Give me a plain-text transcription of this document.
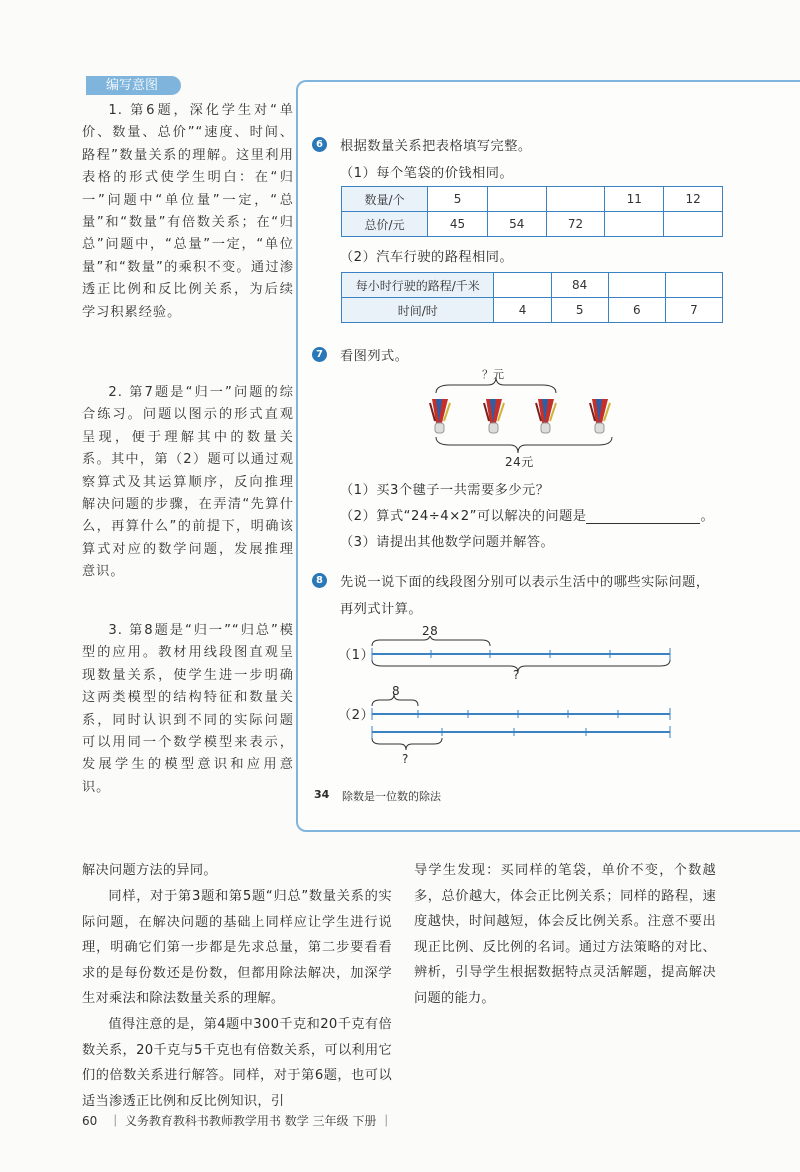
编写意图
1. 第6题，深化学生对“单价、数量、总价”“速度、时间、路程”数量关系的理解。这里利用表格的形式使学生明白：在“归一”问题中“单位量”一定，“总量”和“数量”有倍数关系；在“归总”问题中，“总量”一定，“单位量”和“数量”的乘积不变。通过渗透正比例和反比例关系，为后续学习积累经验。
2. 第7题是“归一”问题的综合练习。问题以图示的形式直观呈现，便于理解其中的数量关系。其中，第（2）题可以通过观察算式及其运算顺序，反向推理解决问题的步骤，在弄清“先算什么，再算什么”的前提下，明确该算式对应的数学问题，发展推理意识。
3. 第8题是“归一”“归总”模型的应用。教材用线段图直观呈现数量关系，使学生进一步明确这两类模型的结构特征和数量关系，同时认识到不同的实际问题可以用同一个数学模型来表示，发展学生的模型意识和应用意识。
6	根据数量关系把表格填写完整。
（1）每个笔袋的价钱相同。
数量/个	5			11	12
总价/元	45	54	72		
（2）汽车行驶的路程相同。
每小时行驶的路程/千米		84		
时间/时	4	5	6	7
7	看图列式。
？元
24元
（1）买3个毽子一共需要多少元？
（2）算式“24÷4×2”可以解决的问题是	。
（3）请提出其他数学问题并解答。
8	先说一说下面的线段图分别可以表示生活中的哪些实际问题，
再列式计算。
（1）
28
?
（2）
8
?
34 除数是一位数的除法
解决问题方法的异同。
同样，对于第3题和第5题“归总”数量关系的实际问题，在解决问题的基础上同样应让学生进行说理，明确它们第一步都是先求总量，第二步要看看求的是每份数还是份数，但都用除法解决，加深学生对乘法和除法数量关系的理解。
值得注意的是，第4题中300千克和20千克有倍数关系，20千克与5千克也有倍数关系，可以利用它们的倍数关系进行解答。同样，对于第6题，也可以适当渗透正比例和反比例知识，引
导学生发现：买同样的笔袋，单价不变，个数越多，总价越大，体会正比例关系；同样的路程，速度越快，时间越短，体会反比例关系。注意不要出现正比例、反比例的名词。通过方法策略的对比、辨析，引导学生根据数据特点灵活解题，提高解决问题的能力。
60 ｜ 义务教育教科书教师教学用书 数学 三年级 下册 ｜
